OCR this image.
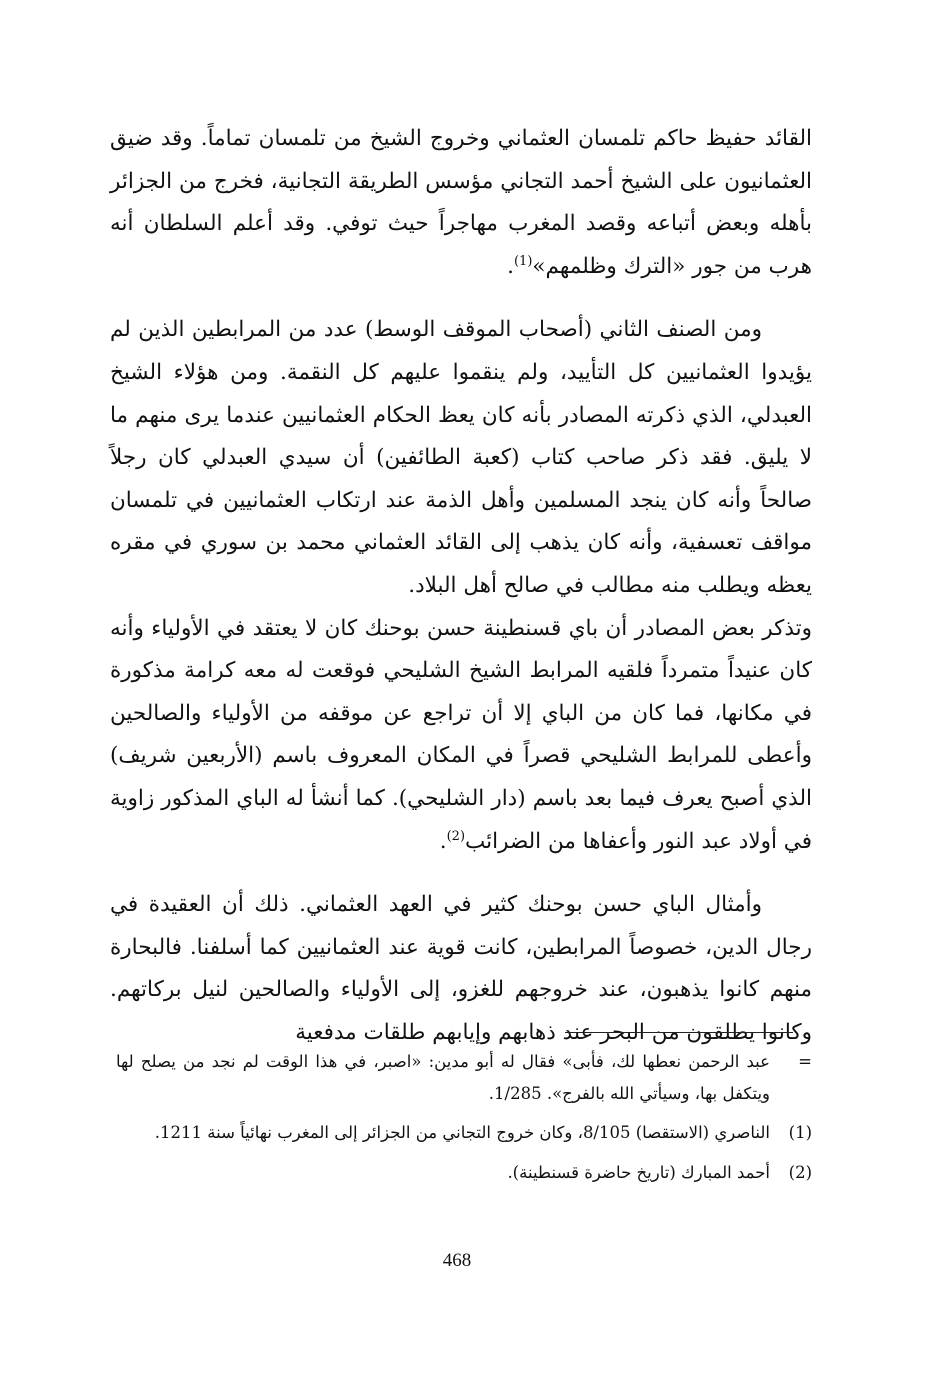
القائد حفيظ حاكم تلمسان العثماني وخروج الشيخ من تلمسان تماماً. وقد ضيق العثمانيون على الشيخ أحمد التجاني مؤسس الطريقة التجانية، فخرج من الجزائر بأهله وبعض أتباعه وقصد المغرب مهاجراً حيث توفي. وقد أعلم السلطان أنه هرب من جور «الترك وظلمهم»$^{(1)}$.

ومن الصنف الثاني (أصحاب الموقف الوسط) عدد من المرابطين الذين لم يؤيدوا العثمانيين كل التأييد، ولم ينقموا عليهم كل النقمة. ومن هؤلاء الشيخ العبدلي، الذي ذكرته المصادر بأنه كان يعظ الحكام العثمانيين عندما يرى منهم ما لا يليق. فقد ذكر صاحب كتاب (كعبة الطائفين) أن سيدي العبدلي كان رجلاً صالحاً وأنه كان ينجد المسلمين وأهل الذمة عند ارتكاب العثمانيين في تلمسان مواقف تعسفية، وأنه كان يذهب إلى القائد العثماني محمد بن سوري في مقره يعظه ويطلب منه مطالب في صالح أهل البلاد.

وتذكر بعض المصادر أن باي قسنطينة حسن بوحنك كان لا يعتقد في الأولياء وأنه كان عنيداً متمرداً فلقيه المرابط الشيخ الشليحي فوقعت له معه كرامة مذكورة في مكانها، فما كان من الباي إلا أن تراجع عن موقفه من الأولياء والصالحين وأعطى للمرابط الشليحي قصراً في المكان المعروف باسم (الأربعين شريف) الذي أصبح يعرف فيما بعد باسم (دار الشليحي). كما أنشأ له الباي المذكور زاوية في أولاد عبد النور وأعفاها من الضرائب$^{(2)}$.

وأمثال الباي حسن بوحنك كثير في العهد العثماني. ذلك أن العقيدة في رجال الدين، خصوصاً المرابطين، كانت قوية عند العثمانيين كما أسلفنا. فالبحارة منهم كانوا يذهبون، عند خروجهم للغزو، إلى الأولياء والصالحين لنيل بركاتهم. وكانوا يطلقون من البحر عند ذهابهم وإيابهم طلقات مدفعية

=
عبد الرحمن نعطها لك، فأبى» فقال له أبو مدين: «اصبر، في هذا الوقت لم نجد من يصلح لها ويتكفل بها، وسيأتي الله بالفرج». 1/285.
(1)
الناصري (الاستقصا) 8/105، وكان خروج التجاني من الجزائر إلى المغرب نهائياً سنة 1211.
(2)
أحمد المبارك (تاريخ حاضرة قسنطينة).
468
